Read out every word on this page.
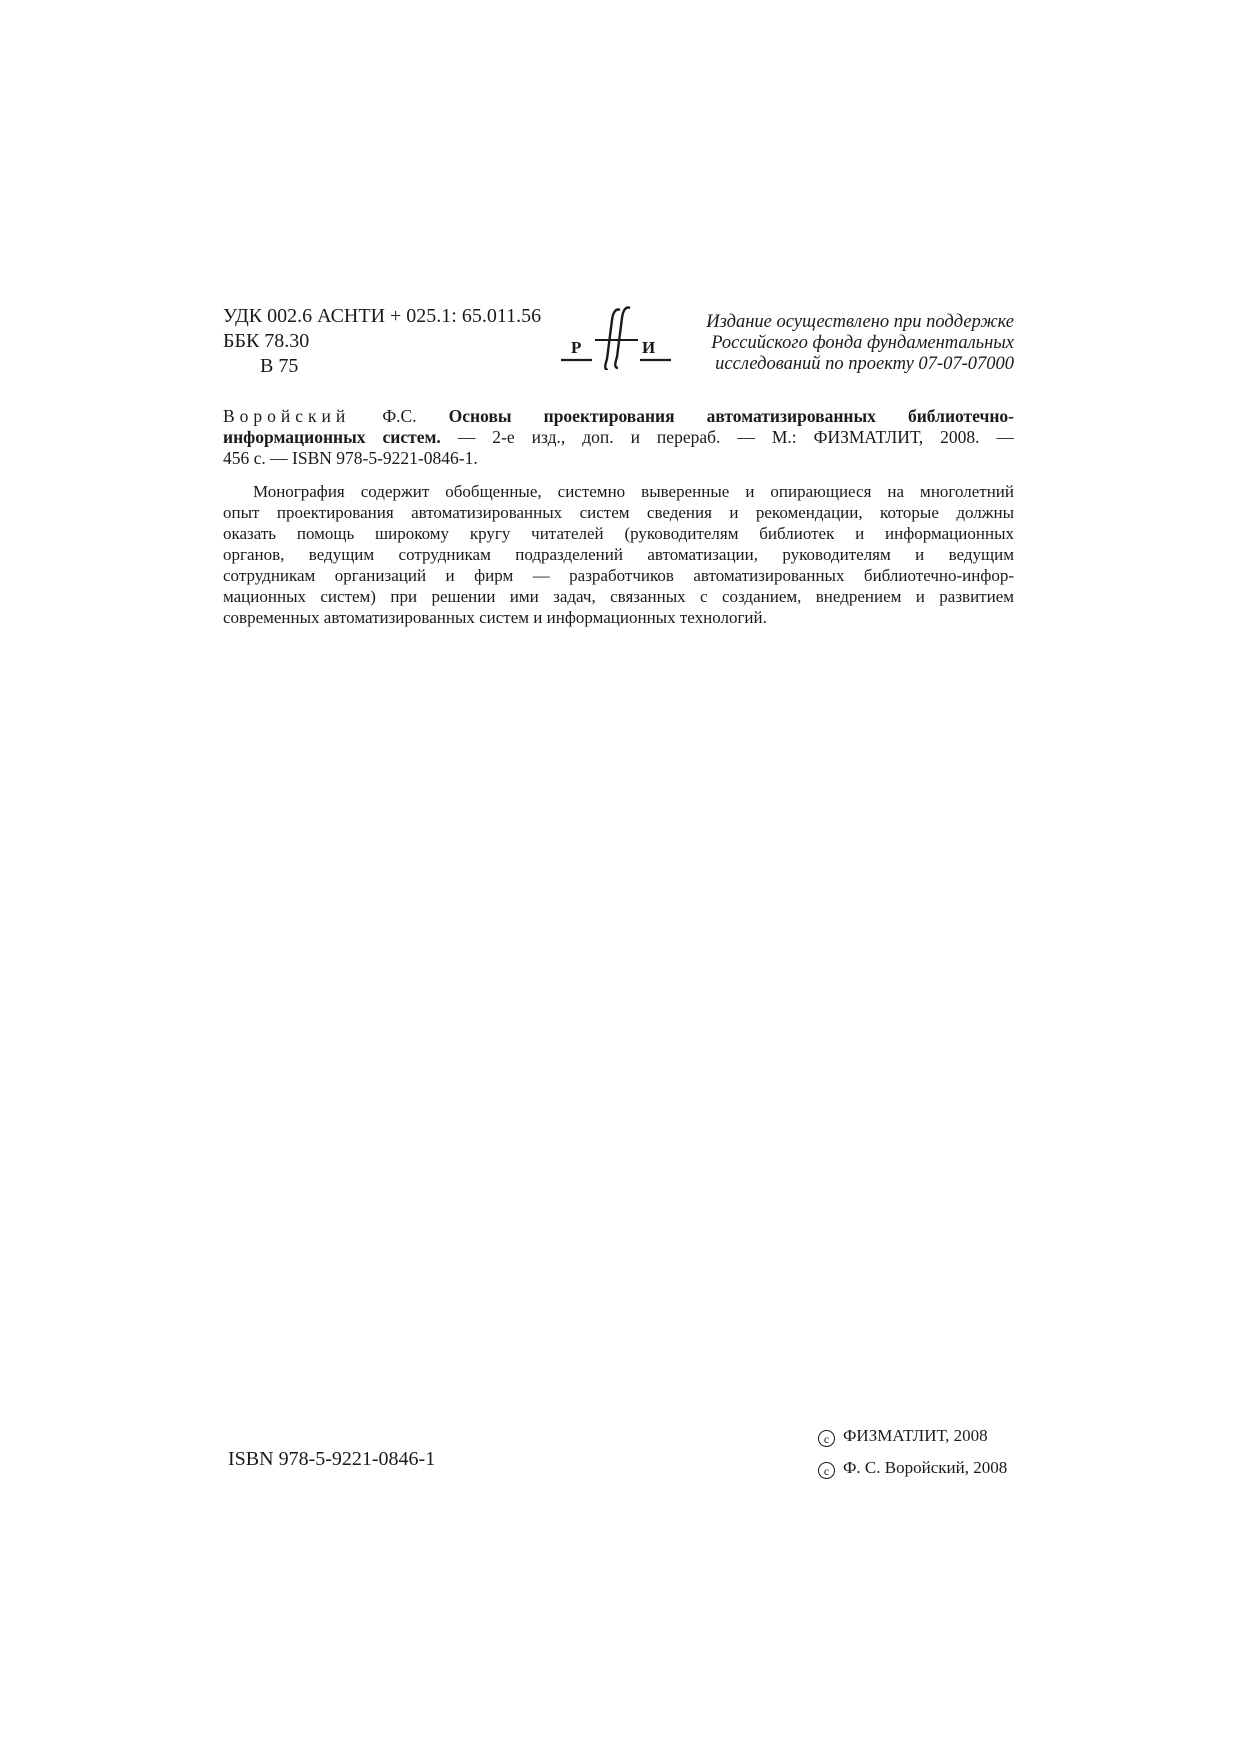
УДК 002.6 АСНТИ + 025.1: 65.011.56
ББК 78.30
В 75
Р	И
Издание осуществлено при поддержке
Российского фонда фундаментальных
исследований по проекту 07-07-07000
Воройский Ф.С. Основы проектирования автоматизированных библиотечно-
информационных систем. — 2-е изд., доп. и перераб. — М.: ФИЗМАТЛИТ, 2008. —
456 с. — ISBN 978-5-9221-0846-1.
Монография содержит обобщенные, системно выверенные и опирающиеся на многолетний
опыт проектирования автоматизированных систем сведения и рекомендации, которые должны
оказать помощь широкому кругу читателей (руководителям библиотек и информационных
органов, ведущим сотрудникам подразделений автоматизации, руководителям и ведущим
сотрудникам организаций и фирм — разработчиков автоматизированных библиотечно-инфор-
мационных систем) при решении ими задач, связанных с созданием, внедрением и развитием
современных автоматизированных систем и информационных технологий.
ISBN 978-5-9221-0846-1
c ФИЗМАТЛИТ, 2008
c Ф. С. Воройский, 2008
